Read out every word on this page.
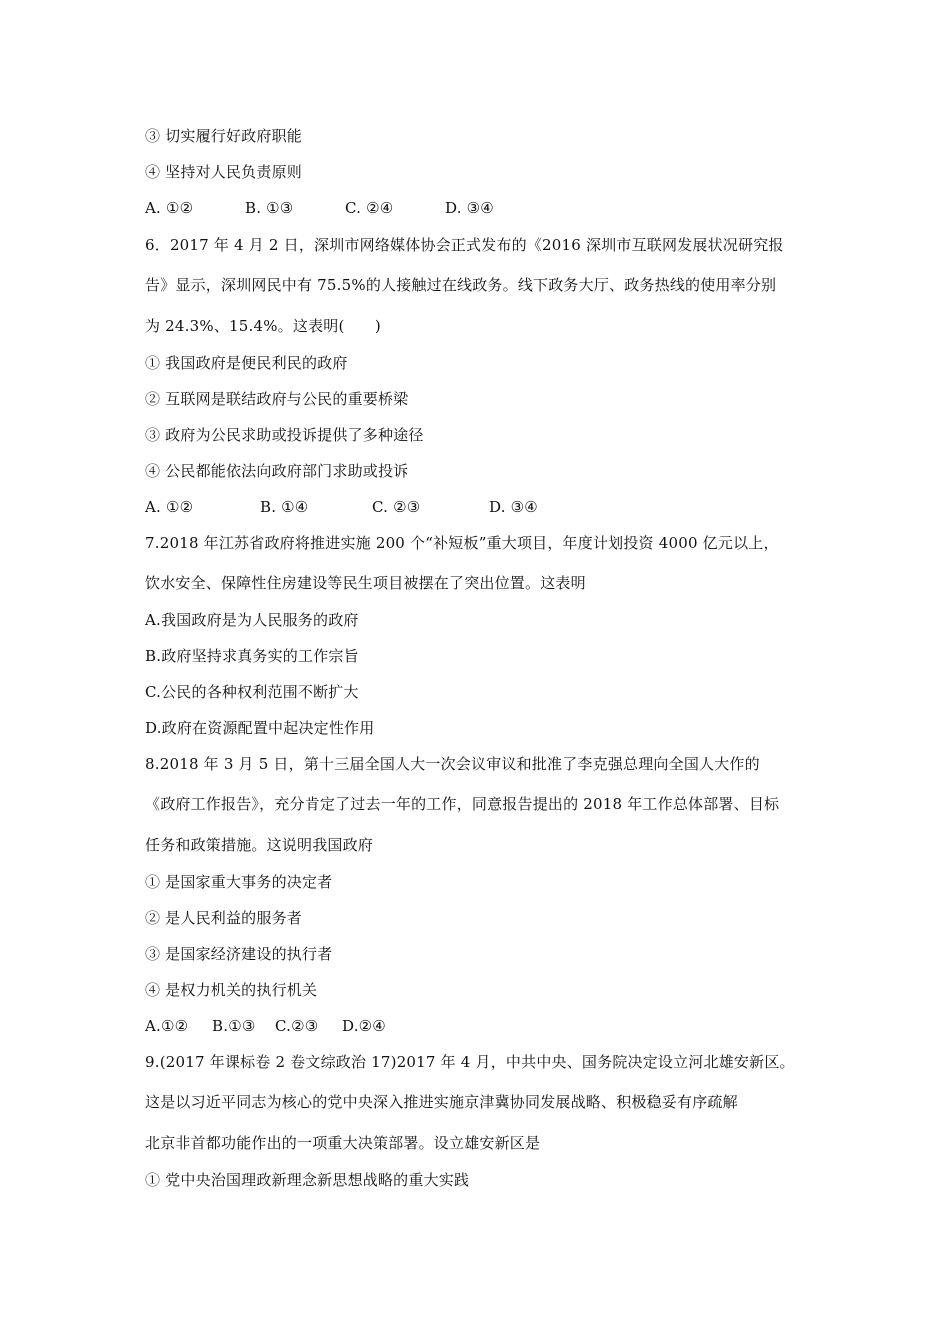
③ 切实履行好政府职能
④ 坚持对人民负责原则
A. ①②	B. ①③	C. ②④	D. ③④
6．2017 年 4 月 2 日，深圳市网络媒体协会正式发布的《2016 深圳市互联网发展状况研究报
告》显示，深圳网民中有 75.5%的人接触过在线政务。线下政务大厅、政务热线的使用率分别
为 24.3%、15.4%。这表明(　　)
① 我国政府是便民利民的政府
② 互联网是联结政府与公民的重要桥梁
③ 政府为公民求助或投诉提供了多种途径
④ 公民都能依法向政府部门求助或投诉
A. ①②	B. ①④	C. ②③	D. ③④
7.2018 年江苏省政府将推进实施 200 个“补短板”重大项目，年度计划投资 4000 亿元以上，
饮水安全、保障性住房建设等民生项目被摆在了突出位置。这表明
A.我国政府是为人民服务的政府
B.政府坚持求真务实的工作宗旨
C.公民的各种权利范围不断扩大
D.政府在资源配置中起决定性作用
8.2018 年 3 月 5 日，第十三届全国人大一次会议审议和批准了李克强总理向全国人大作的
《政府工作报告》，充分肯定了过去一年的工作，同意报告提出的 2018 年工作总体部署、目标
任务和政策措施。这说明我国政府
① 是国家重大事务的决定者
② 是人民利益的服务者
③ 是国家经济建设的执行者
④ 是权力机关的执行机关
A.①② B.①③ C.②③ D.②④
9.(2017 年课标卷 2 卷文综政治 17)2017 年 4 月，中共中央、国务院决定设立河北雄安新区。
这是以习近平同志为核心的党中央深入推进实施京津冀协同发展战略、积极稳妥有序疏解
北京非首都功能作出的一项重大决策部署。设立雄安新区是
① 党中央治国理政新理念新思想战略的重大实践
